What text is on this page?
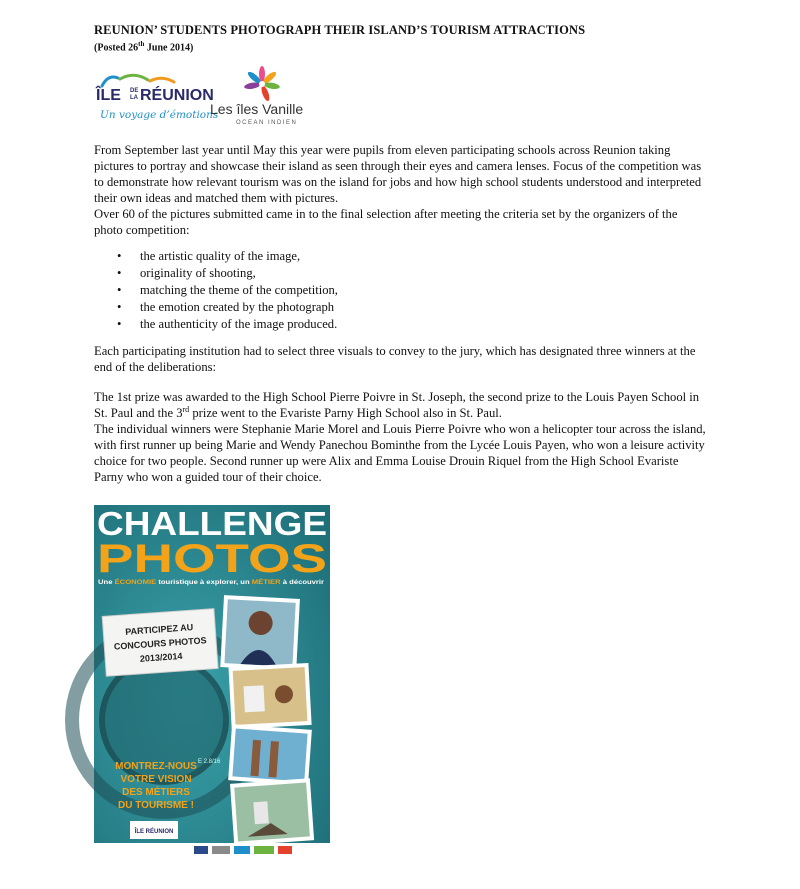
REUNION’ STUDENTS PHOTOGRAPH THEIR ISLAND’S TOURISM ATTRACTIONS
(Posted 26th June 2014)
ÎLE DE
LA RÉUNION
Un voyage d’émotions
Les îles Vanille
OCEAN INDIEN

From September last year until May this year were pupils from eleven participating schools across Reunion taking pictures to portray and showcase their island as seen through their eyes and camera lenses. Focus of the competition was to demonstrate how relevant tourism was on the island for jobs and how high school students understood and interpreted their own ideas and matched them with pictures.

Over 60 of the pictures submitted came in to the final selection after meeting the criteria set by the organizers of the photo competition:

• the artistic quality of the image,
• originality of shooting,
• matching the theme of the competition,
• the emotion created by the photograph
• the authenticity of the image produced.

Each participating institution had to select three visuals to convey to the jury, which has designated three winners at the end of the deliberations:

The 1st prize was awarded to the High School Pierre Poivre in St. Joseph, the second prize to the Louis Payen School in St. Paul and the 3rd prize went to the Evariste Parny High School also in St. Paul.

The individual winners were Stephanie Marie Morel and Louis Pierre Poivre who won a helicopter tour across the island, with first runner up being Marie and Wendy Panechou Bominthe from the Lycée Louis Payen, who won a leisure activity choice for two people. Second runner up were Alix and Emma Louise Drouin Riquel from the High School Evariste Parny who won a guided tour of their choice.

E 2.8/16
CHALLENGE
PHOTOS
Une ÉCONOMIE touristique à explorer, un	MÉTIER à découvrir
PARTICIPEZ AU
CONCOURS PHOTOS
2013/2014
MONTREZ-NOUS
VOTRE VISION
DES MÉTIERS
DU TOURISME !
ÎLE RÉUNION
